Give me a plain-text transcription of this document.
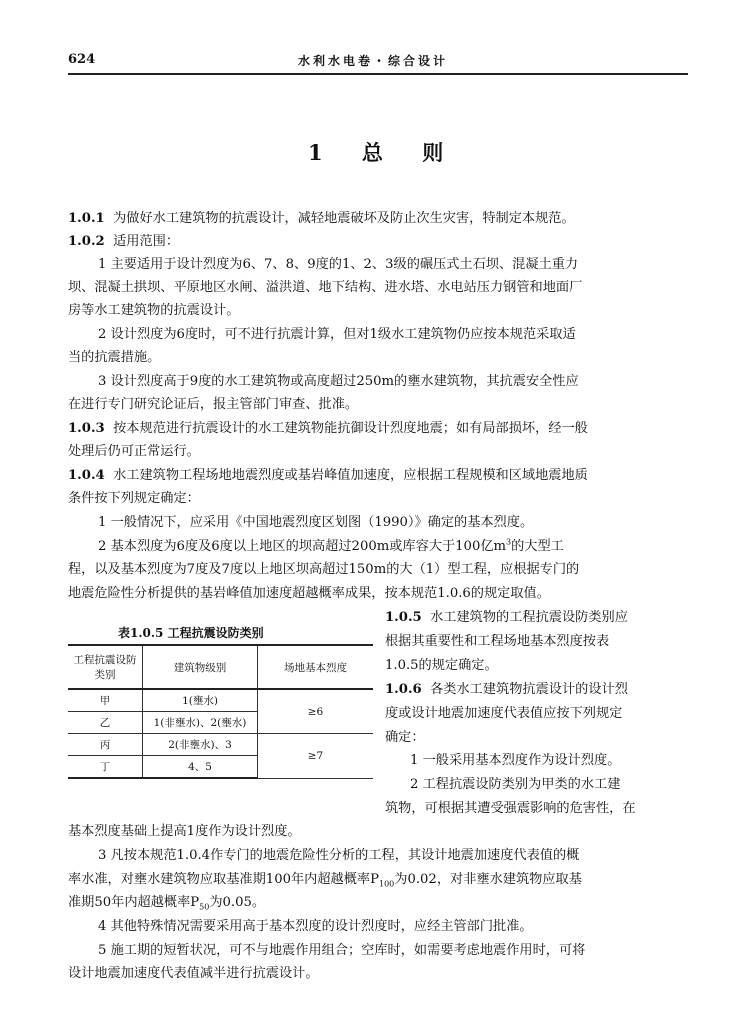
624	水利水电卷・综合设计
1 总 则
1.0.1 为做好水工建筑物的抗震设计，减轻地震破坏及防止次生灾害，特制定本规范。
1.0.2 适用范围：
1 主要适用于设计烈度为6、7、8、9度的1、2、3级的碾压式土石坝、混凝土重力
坝、混凝土拱坝、平原地区水闸、溢洪道、地下结构、进水塔、水电站压力钢管和地面厂
房等水工建筑物的抗震设计。
2 设计烈度为6度时，可不进行抗震计算，但对1级水工建筑物仍应按本规范采取适
当的抗震措施。
3 设计烈度高于9度的水工建筑物或高度超过250m的壅水建筑物，其抗震安全性应
在进行专门研究论证后，报主管部门审查、批准。
1.0.3 按本规范进行抗震设计的水工建筑物能抗御设计烈度地震；如有局部损坏，经一般
处理后仍可正常运行。
1.0.4 水工建筑物工程场地地震烈度或基岩峰值加速度，应根据工程规模和区域地震地质
条件按下列规定确定：
1 一般情况下，应采用《中国地震烈度区划图（1990）》确定的基本烈度。
2 基本烈度为6度及6度以上地区的坝高超过200m或库容大于100亿$m^3$的大型工
程，以及基本烈度为7度及7度以上地区坝高超过150m的大（1）型工程，应根据专门的
地震危险性分析提供的基岩峰值加速度超越概率成果，按本规范1.0.6的规定取值。
表1.0.5 工程抗震设防类别
工程抗震设防类别	建筑物级别	场地基本烈度
甲	1(壅水)	≥6
乙	1(非壅水)、2(壅水)	
丙	2(非壅水)、3	≥7
丁	4、5	
1.0.5 水工建筑物的工程抗震设防类别应
根据其重要性和工程场地基本烈度按表
1.0.5的规定确定。
1.0.6 各类水工建筑物抗震设计的设计烈
度或设计地震加速度代表值应按下列规定
确定：
1 一般采用基本烈度作为设计烈度。
2 工程抗震设防类别为甲类的水工建
筑物，可根据其遭受强震影响的危害性，在
基本烈度基础上提高1度作为设计烈度。
3 凡按本规范1.0.4作专门的地震危险性分析的工程，其设计地震加速度代表值的概
率水准，对壅水建筑物应取基准期100年内超越概率$P_{100}$为0.02，对非壅水建筑物应取基
准期50年内超越概率$P_{50}$为0.05。
4 其他特殊情况需要采用高于基本烈度的设计烈度时，应经主管部门批准。
5 施工期的短暂状况，可不与地震作用组合；空库时，如需要考虑地震作用时，可将
设计地震加速度代表值减半进行抗震设计。
